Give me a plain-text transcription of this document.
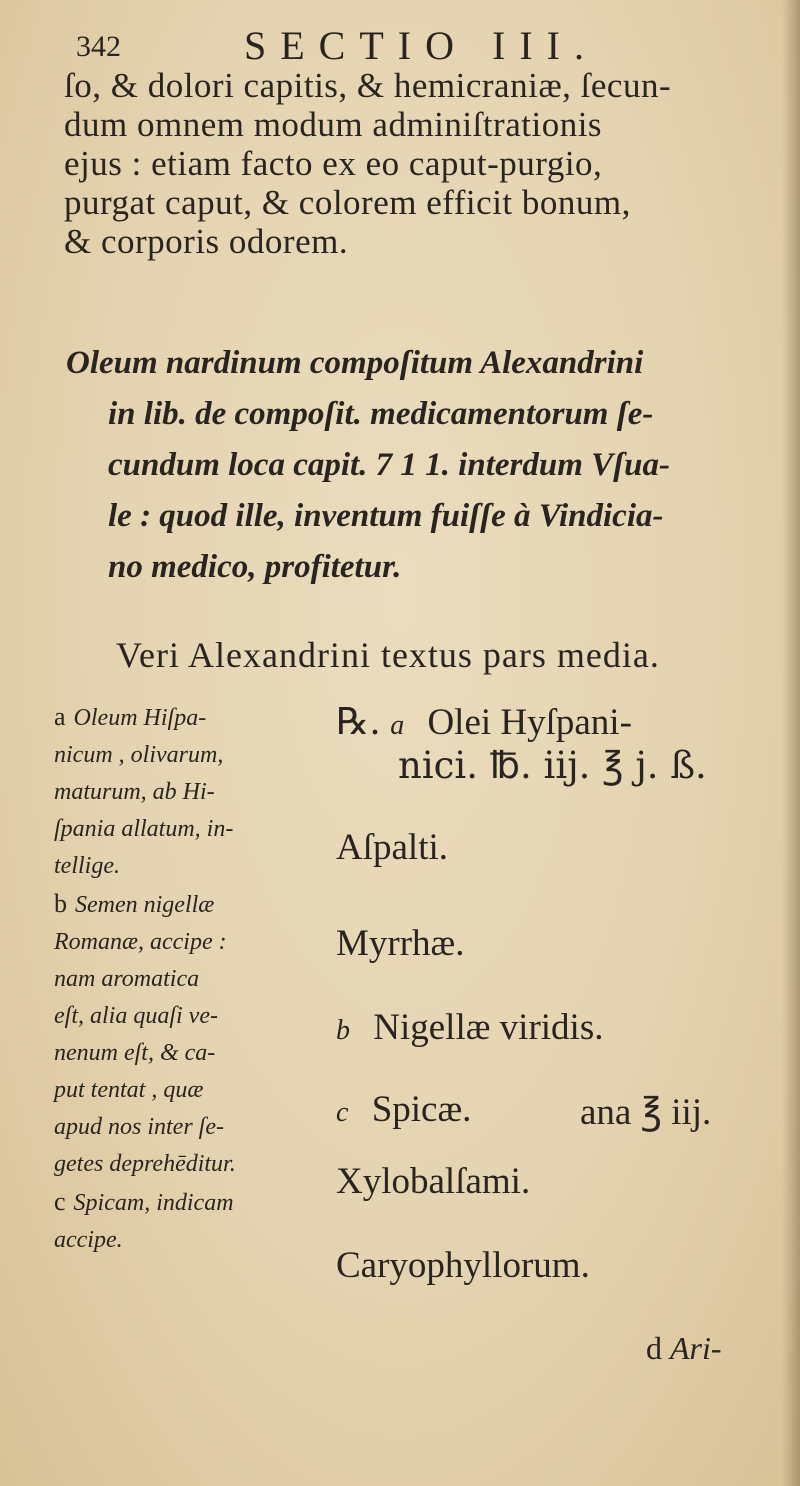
342	SECTIO III.
ſo, & dolori capitis, & hemicraniæ, ſecun-
dum omnem modum adminiſtrationis
ejus : etiam facto ex eo caput-purgio,
purgat caput, & colorem efficit bonum,
& corporis odorem.
Oleum nardinum compoſitum Alexandrini
in lib. de compoſit. medicamentorum ſe-
cundum loca capit. 7 1 1. interdum Vſua-
le : quod ille, inventum fuiſſe à Vindicia-
no medico, profitetur.
Veri Alexandrini textus pars media.
a Oleum Hiſpa-
nicum , olivarum,
maturum, ab Hi-
ſpania allatum, in-
tellige.
b Semen nigellæ
Romanæ, accipe :
nam aromatica
eſt, alia quaſi ve-
nenum eſt, & ca-
put tentat , quæ
apud nos inter ſe-
getes deprehēditur.
c Spicam, indicam
accipe.
℞. a Olei Hyſpani-
nici. ℔. iij. ℥ j. ß.
Aſpalti.
Myrrhæ.
b Nigellæ viridis.
c Spicæ.	ana ℥ iij.
Xylobalſami.
Caryophyllorum.
d Ari-
